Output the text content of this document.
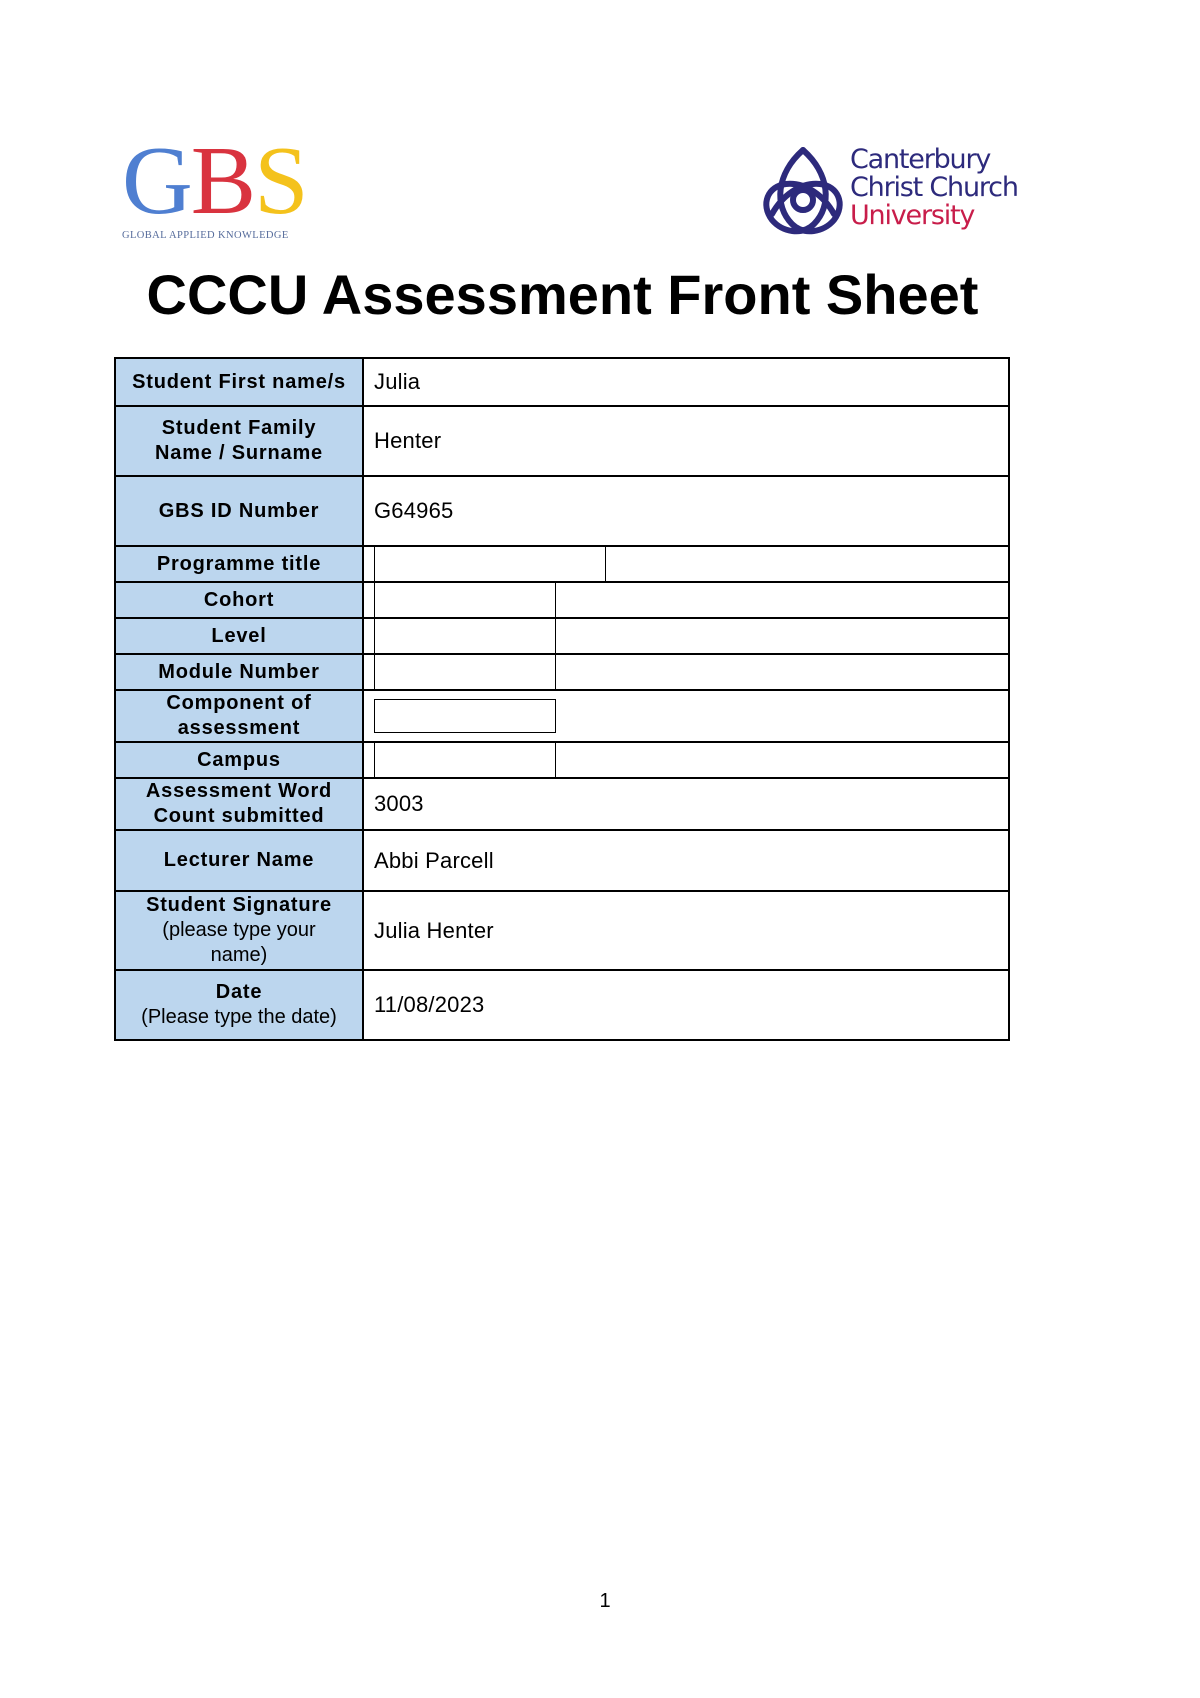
GBS
GLOBAL APPLIED KNOWLEDGE
Canterbury
Christ Church
University
CCCU Assessment Front Sheet
Student First name/s	Julia

Student Family
Name / Surname	Henter
GBS ID Number	G64965
Programme title	

Cohort	

Level	

Module Number	

Component of
assessment	

Campus	

Assessment Word
Count submitted	3003
Lecturer Name	Abbi Parcell

Student Signature
(please type your
name)	Julia Henter

Date
(Please type the date)	11/08/2023
1
